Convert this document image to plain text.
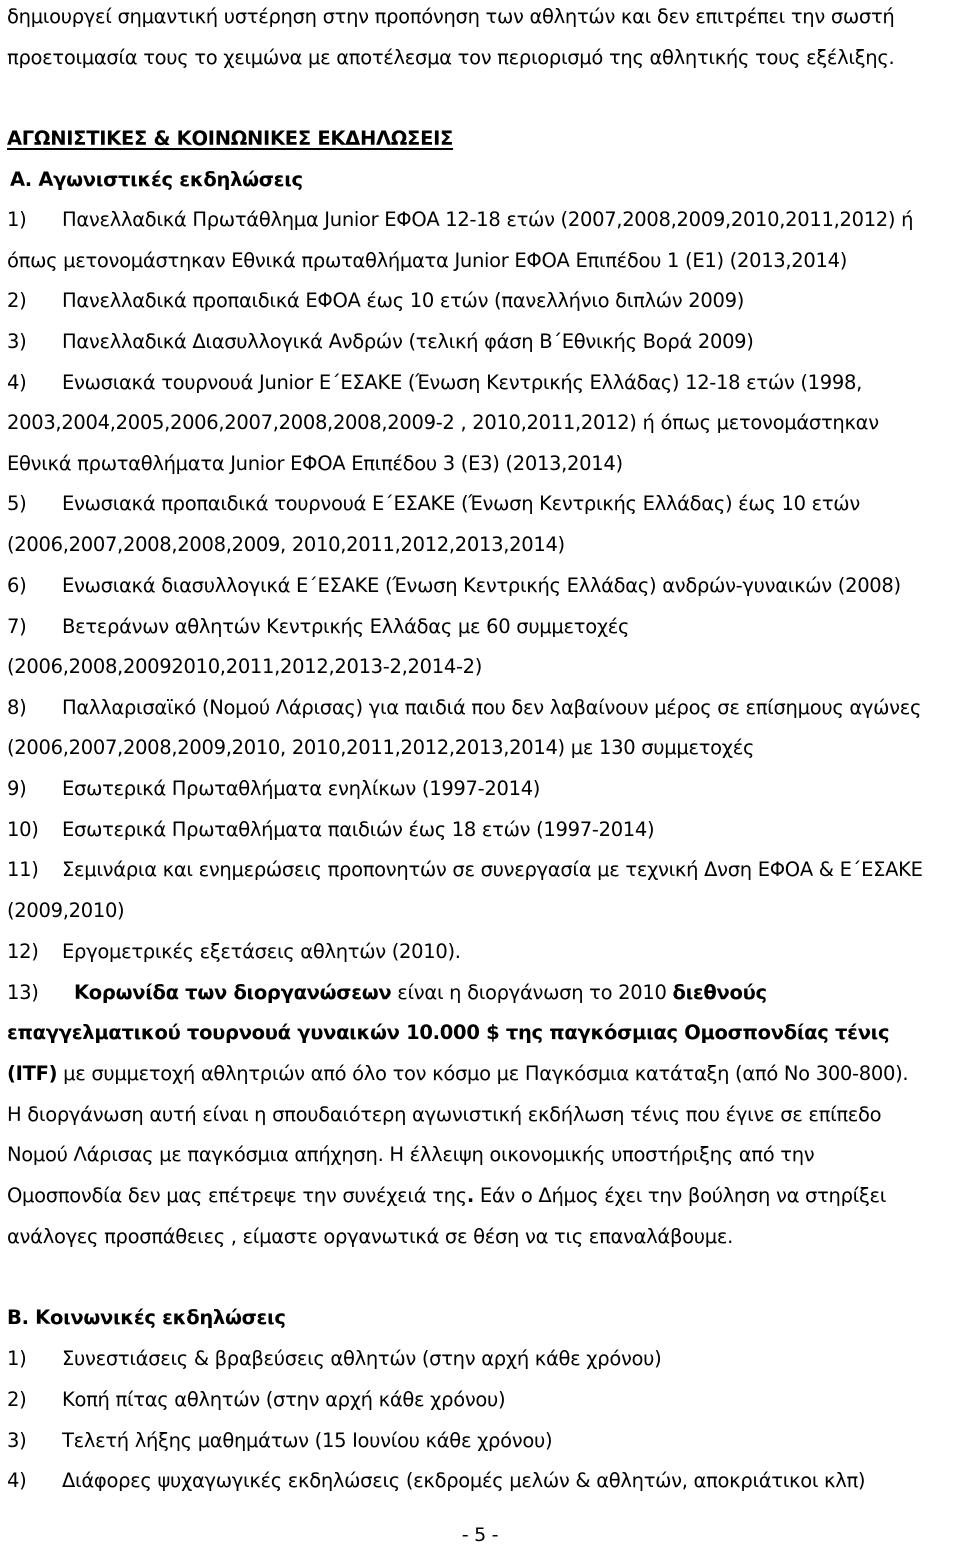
δημιουργεί σημαντική υστέρηση στην προπόνηση των αθλητών και δεν επιτρέπει την σωστή
προετοιμασία τους το χειμώνα με αποτέλεσμα τον περιορισμό της αθλητικής τους εξέλιξης.
ΑΓΩΝΙΣΤΙΚΕΣ & ΚΟΙΝΩΝΙΚΕΣ ΕΚΔΗΛΩΣΕΙΣ
Α. Αγωνιστικές εκδηλώσεις
1) Πανελλαδικά Πρωτάθλημα Junior ΕΦΟΑ 12-18 ετών (2007,2008,2009,2010,2011,2012) ή
όπως μετονομάστηκαν Εθνικά πρωταθλήματα Junior ΕΦΟΑ Επιπέδου 1 (Ε1) (2013,2014)
2) Πανελλαδικά προπαιδικά ΕΦΟΑ έως 10 ετών (πανελλήνιο διπλών 2009)
3) Πανελλαδικά Διασυλλογικά Ανδρών (τελική φάση Β΄Εθνικής Βορά 2009)
4) Ενωσιακά τουρνουά Junior Ε΄ΕΣΑΚΕ (Ένωση Κεντρικής Ελλάδας) 12-18 ετών (1998,
2003,2004,2005,2006,2007,2008,2008,2009-2 , 2010,2011,2012) ή όπως μετονομάστηκαν
Εθνικά πρωταθλήματα Junior ΕΦΟΑ Επιπέδου 3 (Ε3) (2013,2014)
5) Ενωσιακά προπαιδικά τουρνουά Ε΄ΕΣΑΚΕ (Ένωση Κεντρικής Ελλάδας) έως 10 ετών
(2006,2007,2008,2008,2009, 2010,2011,2012,2013,2014)
6) Ενωσιακά διασυλλογικά Ε΄ΕΣΑΚΕ (Ένωση Κεντρικής Ελλάδας) ανδρών-γυναικών (2008)
7) Βετεράνων αθλητών Κεντρικής Ελλάδας με 60 συμμετοχές
(2006,2008,20092010,2011,2012,2013-2,2014-2)
8) Παλλαρισαϊκό (Νομού Λάρισας) για παιδιά που δεν λαβαίνουν μέρος σε επίσημους αγώνες
(2006,2007,2008,2009,2010, 2010,2011,2012,2013,2014) με 130 συμμετοχές
9) Εσωτερικά Πρωταθλήματα ενηλίκων (1997-2014)
10) Εσωτερικά Πρωταθλήματα παιδιών έως 18 ετών (1997-2014)
11) Σεμινάρια και ενημερώσεις προπονητών σε συνεργασία με τεχνική Δνση ΕΦΟΑ & Ε΄ΕΣΑΚΕ
(2009,2010)
12) Εργομετρικές εξετάσεις αθλητών (2010).
13) Κορωνίδα των διοργανώσεων είναι η διοργάνωση το 2010 διεθνούς
επαγγελματικού τουρνουά γυναικών 10.000 $ της παγκόσμιας Ομοσπονδίας τένις
(ITF) με συμμετοχή αθλητριών από όλο τον κόσμο με Παγκόσμια κατάταξη (από Νο 300-800).
Η διοργάνωση αυτή είναι η σπουδαιότερη αγωνιστική εκδήλωση τένις που έγινε σε επίπεδο
Νομού Λάρισας με παγκόσμια απήχηση. Η έλλειψη οικονομικής υποστήριξης από την
Ομοσπονδία δεν μας επέτρεψε την συνέχειά της. Εάν ο Δήμος έχει την βούληση να στηρίξει
ανάλογες προσπάθειες , είμαστε οργανωτικά σε θέση να τις επαναλάβουμε.
Β. Κοινωνικές εκδηλώσεις
1) Συνεστιάσεις & βραβεύσεις αθλητών (στην αρχή κάθε χρόνου)
2) Κοπή πίτας αθλητών (στην αρχή κάθε χρόνου)
3) Τελετή λήξης μαθημάτων (15 Ιουνίου κάθε χρόνου)
4) Διάφορες ψυχαγωγικές εκδηλώσεις (εκδρομές μελών & αθλητών, αποκριάτικοι κλπ)
- 5 -
